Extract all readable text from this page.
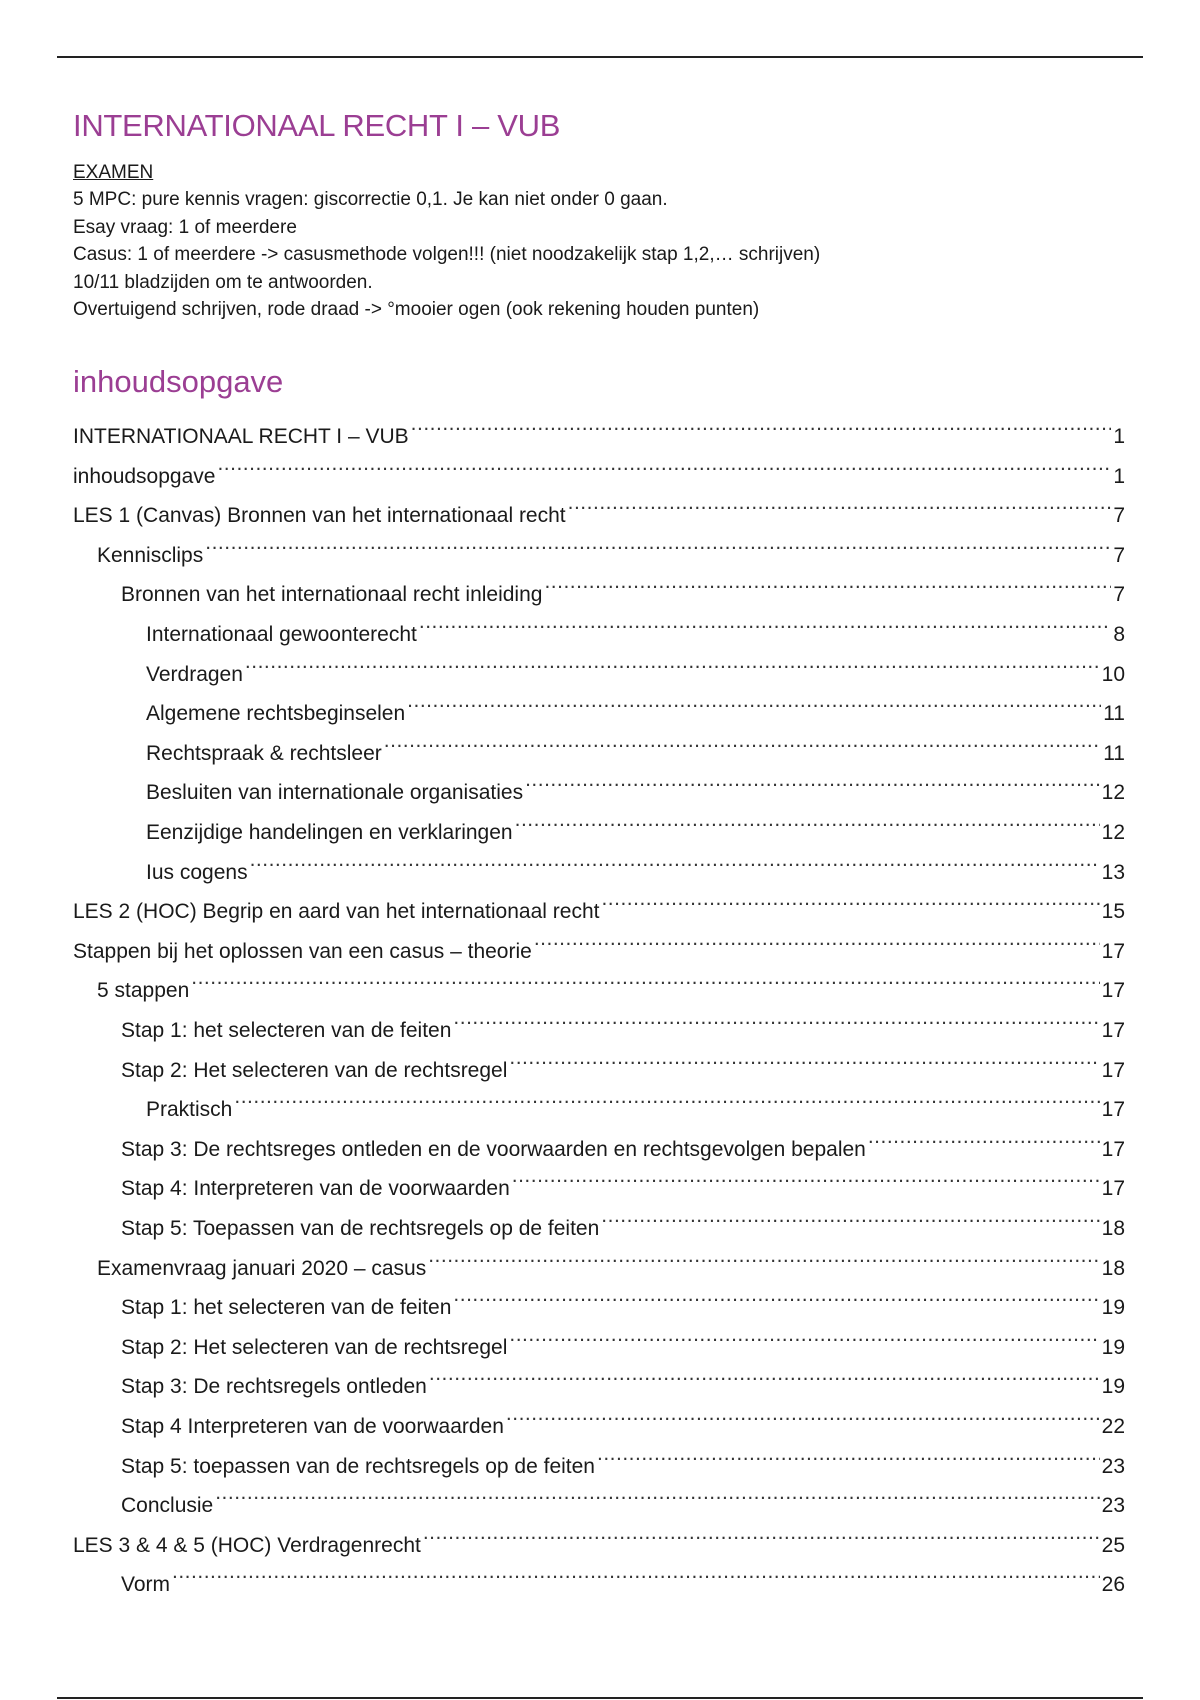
INTERNATIONAAL RECHT I – VUB
EXAMEN
5 MPC: pure kennis vragen: giscorrectie 0,1. Je kan niet onder 0 gaan.
Esay vraag: 1 of meerdere
Casus: 1 of meerdere -> casusmethode volgen!!! (niet noodzakelijk stap 1,2,… schrijven)
10/11 bladzijden om te antwoorden.
Overtuigend schrijven, rode draad -> °mooier ogen (ook rekening houden punten)
inhoudsopgave
INTERNATIONAAL RECHT I – VUB .....	1
inhoudsopgave .....	1
LES 1 (Canvas) Bronnen van het internationaal recht .....	7
Kennisclips .....	7
Bronnen van het internationaal recht inleiding .....	7
Internationaal gewoonterecht .....	8
Verdragen .....	10
Algemene rechtsbeginselen .....	11
Rechtspraak & rechtsleer .....	11
Besluiten van internationale organisaties .....	12
Eenzijdige handelingen en verklaringen .....	12
Ius cogens .....	13
LES 2 (HOC) Begrip en aard van het internationaal recht .....	15
Stappen bij het oplossen van een casus – theorie .....	17
5 stappen .....	17
Stap 1: het selecteren van de feiten .....	17
Stap 2: Het selecteren van de rechtsregel .....	17
Praktisch .....	17
Stap 3: De rechtsreges ontleden en de voorwaarden en rechtsgevolgen bepalen .....	17
Stap 4: Interpreteren van de voorwaarden .....	17
Stap 5: Toepassen van de rechtsregels op de feiten .....	18
Examenvraag januari 2020 – casus .....	18
Stap 1: het selecteren van de feiten .....	19
Stap 2: Het selecteren van de rechtsregel .....	19
Stap 3: De rechtsregels ontleden .....	19
Stap 4 Interpreteren van de voorwaarden .....	22
Stap 5: toepassen van de rechtsregels op de feiten .....	23
Conclusie .....	23
LES 3 & 4 & 5 (HOC) Verdragenrecht .....	25
Vorm .....	26
